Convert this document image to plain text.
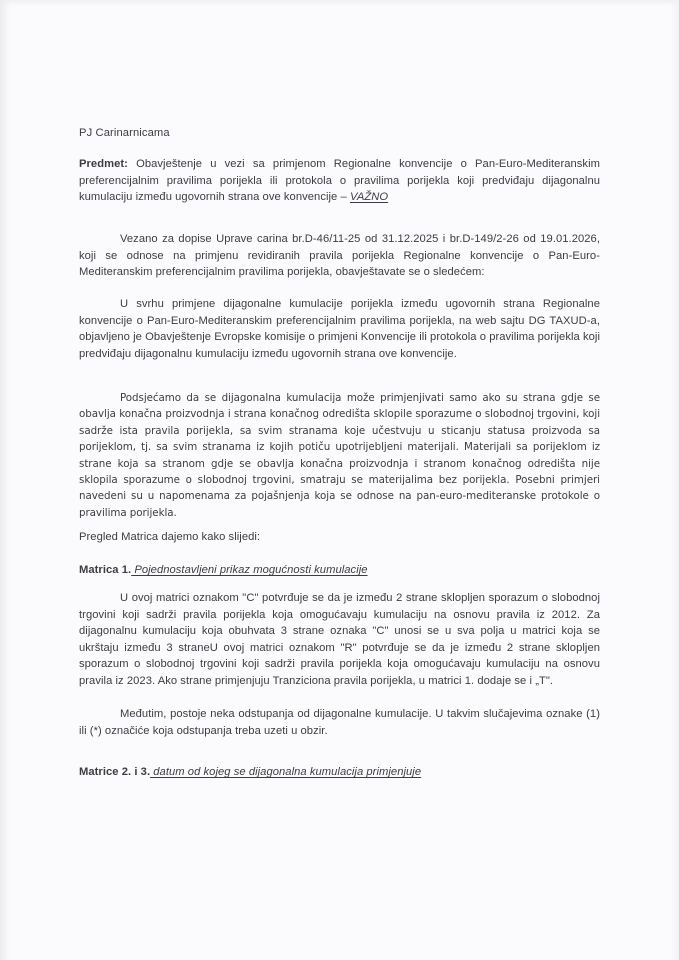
PJ Carinarnicama
Predmet: Obavještenje u vezi sa primjenom Regionalne konvencije o Pan-Euro-Mediteranskim preferencijalnim pravilima porijekla ili protokola o pravilima porijekla koji predviđaju dijagonalnu kumulaciju između ugovornih strana ove konvencije – VAŽNO
Vezano za dopise Uprave carina br.D-46/11-25 od 31.12.2025 i br.D-149/2-26 od 19.01.2026, koji se odnose na primjenu revidiranih pravila porijekla Regionalne konvencije o Pan-Euro-Mediteranskim preferencijalnim pravilima porijekla, obavještavate se o sledećem:
U svrhu primjene dijagonalne kumulacije porijekla između ugovornih strana Regionalne konvencije o Pan-Euro-Mediteranskim preferencijalnim pravilima porijekla, na web sajtu DG TAXUD-a, objavljeno je Obavještenje Evropske komisije o primjeni Konvencije ili protokola o pravilima porijekla koji predviđaju dijagonalnu kumulaciju između ugovornih strana ove konvencije.
Podsjećamo da se dijagonalna kumulacija može primjenjivati samo ako su strana gdje se obavlja konačna proizvodnja i strana konačnog odredišta sklopile sporazume o slobodnoj trgovini, koji sadrže ista pravila porijekla, sa svim stranama koje učestvuju u sticanju statusa proizvoda sa porijeklom, tj. sa svim stranama iz kojih potiču upotrijebljeni materijali. Materijali sa porijeklom iz strane koja sa stranom gdje se obavlja konačna proizvodnja i stranom konačnog odredišta nije sklopila sporazume o slobodnoj trgovini, smatraju se materijalima bez porijekla. Posebni primjeri navedeni su u napomenama za pojašnjenja koja se odnose na pan-euro-mediteranske protokole o pravilima porijekla.
Pregled Matrica dajemo kako slijedi:
Matrica 1. Pojednostavljeni prikaz mogućnosti kumulacije
U ovoj matrici oznakom "C" potvrđuje se da je između 2 strane sklopljen sporazum o slobodnoj trgovini koji sadrži pravila porijekla koja omogućavaju kumulaciju na osnovu pravila iz 2012. Za dijagonalnu kumulaciju koja obuhvata 3 strane oznaka "C" unosi se u sva polja u matrici koja se ukrštaju između 3 straneU ovoj matrici oznakom "R" potvrđuje se da je između 2 strane sklopljen sporazum o slobodnoj trgovini koji sadrži pravila porijekla koja omogućavaju kumulaciju na osnovu pravila iz 2023. Ako strane primjenjuju Tranziciona pravila porijekla, u matrici 1. dodaje se i „T".
Međutim, postoje neka odstupanja od dijagonalne kumulacije. U takvim slučajevima oznake (1) ili (*) označiće koja odstupanja treba uzeti u obzir.
Matrice 2. i 3. datum od kojeg se dijagonalna kumulacija primjenjuje
